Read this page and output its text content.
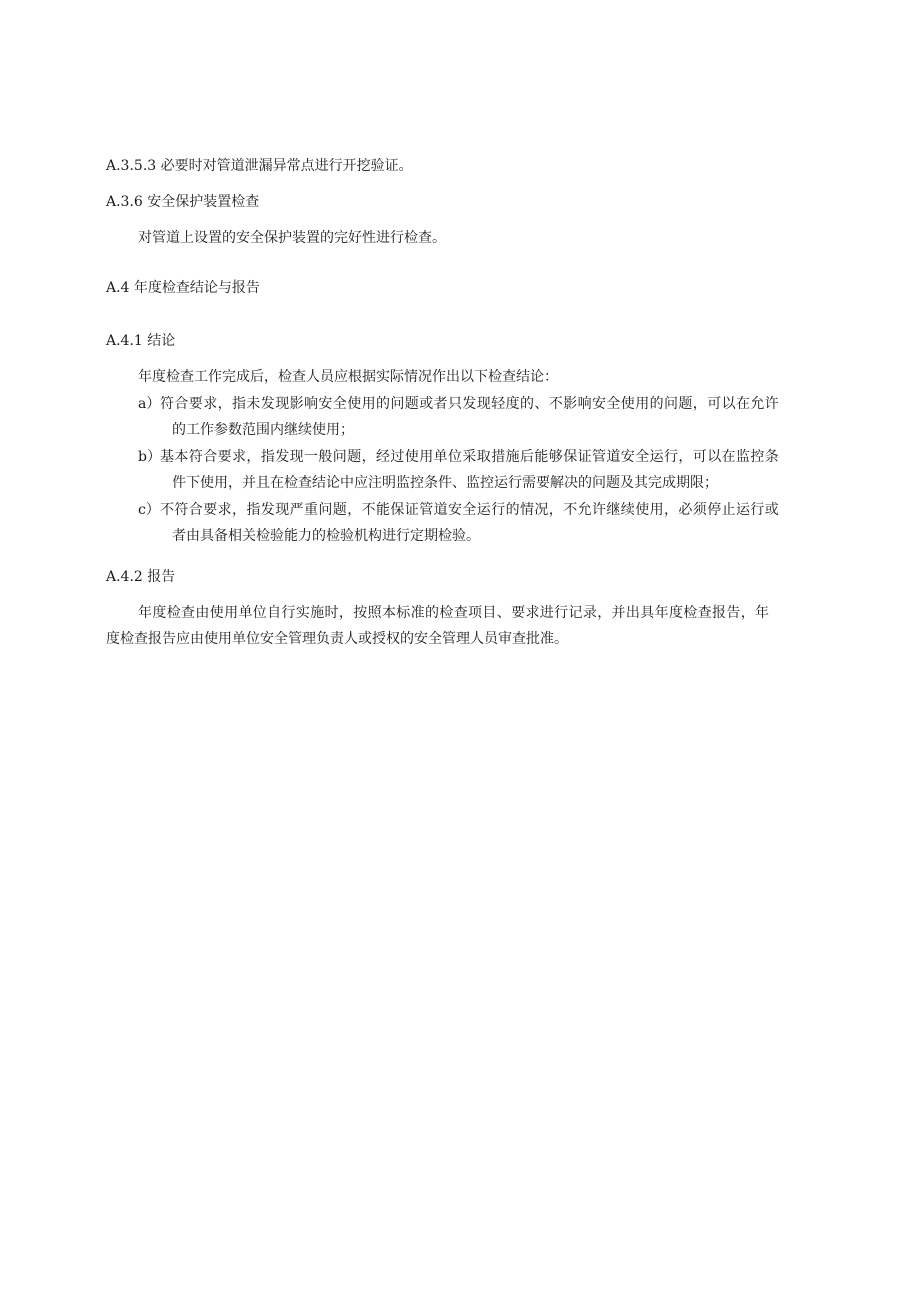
A.3.5.3 必要时对管道泄漏异常点进行开挖验证。
A.3.6 安全保护装置检查
对管道上设置的安全保护装置的完好性进行检查。
A.4 年度检查结论与报告
A.4.1 结论
年度检查工作完成后，检查人员应根据实际情况作出以下检查结论：
a） 符合要求，指未发现影响安全使用的问题或者只发现轻度的、不影响安全使用的问题，可以在允许
的工作参数范围内继续使用；
b） 基本符合要求，指发现一般问题，经过使用单位采取措施后能够保证管道安全运行，可以在监控条
件下使用，并且在检查结论中应注明监控条件、监控运行需要解决的问题及其完成期限；
c） 不符合要求，指发现严重问题，不能保证管道安全运行的情况，不允许继续使用，必须停止运行或
者由具备相关检验能力的检验机构进行定期检验。
A.4.2 报告
年度检查由使用单位自行实施时，按照本标准的检查项目、要求进行记录，并出具年度检查报告，年
度检查报告应由使用单位安全管理负责人或授权的安全管理人员审查批准。
